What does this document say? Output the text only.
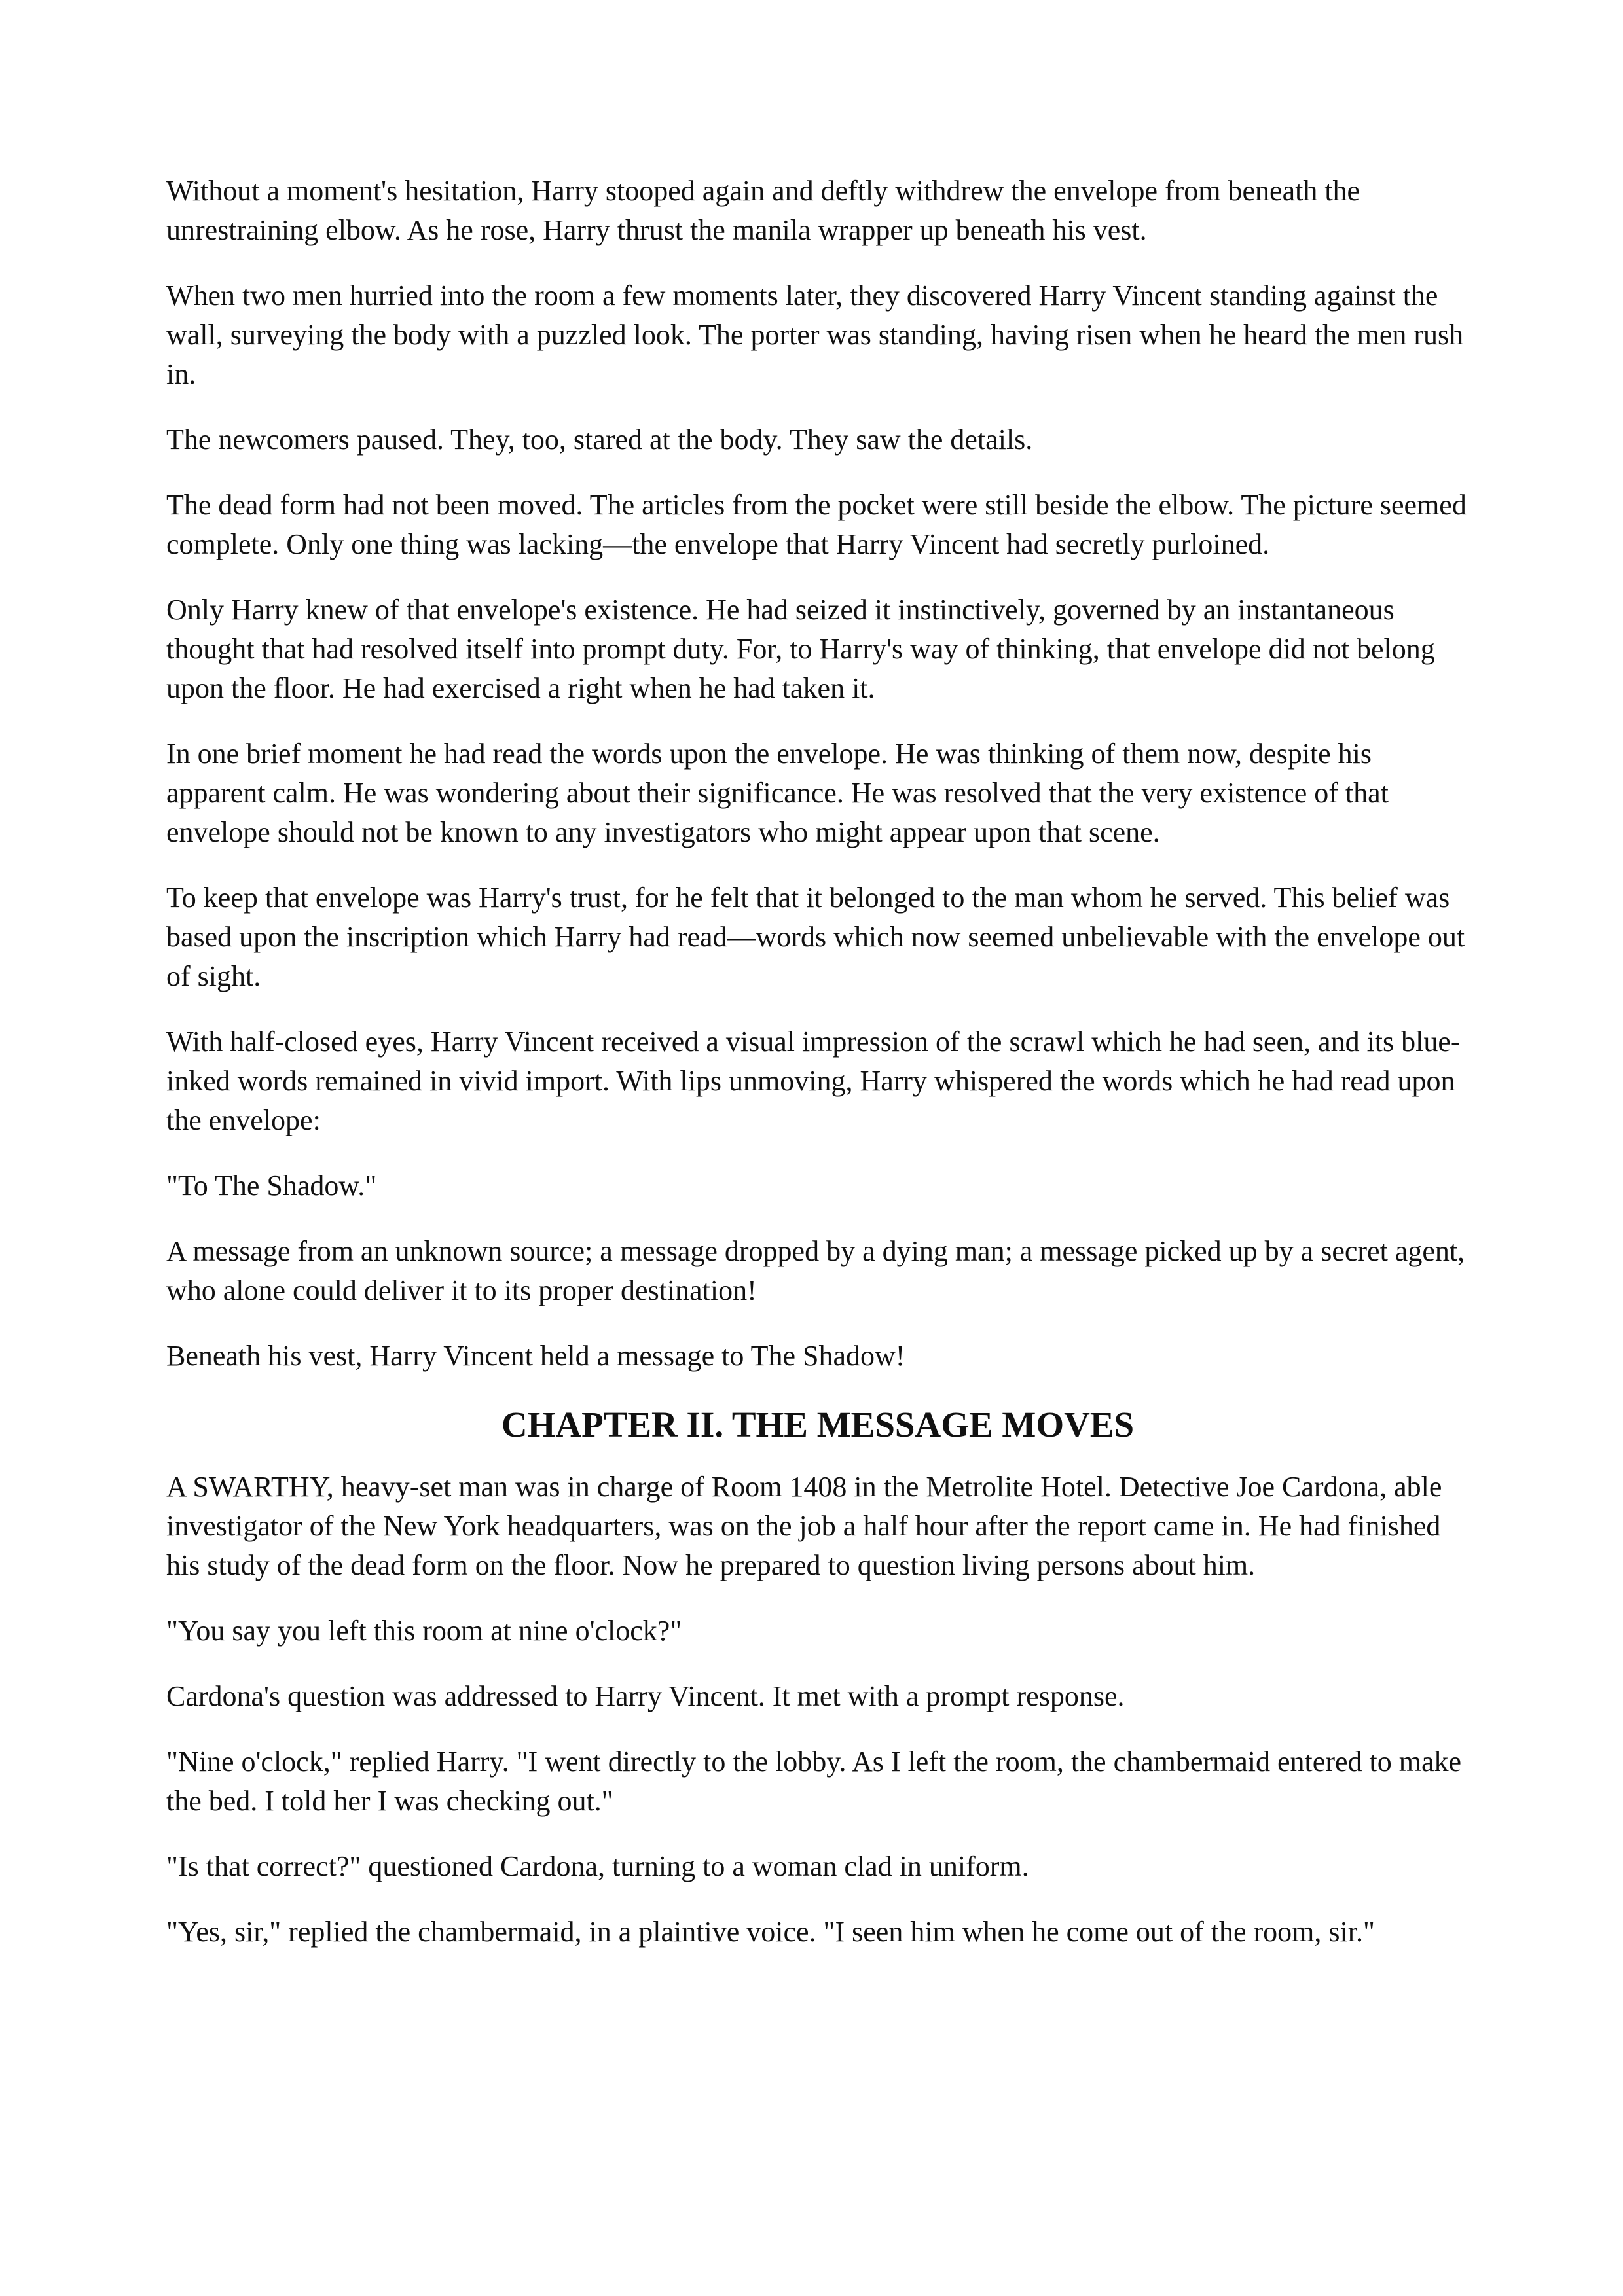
Without a moment's hesitation, Harry stooped again and deftly withdrew the envelope from beneath the unrestraining elbow. As he rose, Harry thrust the manila wrapper up beneath his vest.

When two men hurried into the room a few moments later, they discovered Harry Vincent standing against the wall, surveying the body with a puzzled look. The porter was standing, having risen when he heard the men rush in.

The newcomers paused. They, too, stared at the body. They saw the details.

The dead form had not been moved. The articles from the pocket were still beside the elbow. The picture seemed complete. Only one thing was lacking—the envelope that Harry Vincent had secretly purloined.

Only Harry knew of that envelope's existence. He had seized it instinctively, governed by an instantaneous thought that had resolved itself into prompt duty. For, to Harry's way of thinking, that envelope did not belong upon the floor. He had exercised a right when he had taken it.

In one brief moment he had read the words upon the envelope. He was thinking of them now, despite his apparent calm. He was wondering about their significance. He was resolved that the very existence of that envelope should not be known to any investigators who might appear upon that scene.

To keep that envelope was Harry's trust, for he felt that it belonged to the man whom he served. This belief was based upon the inscription which Harry had read—words which now seemed unbelievable with the envelope out of sight.

With half-closed eyes, Harry Vincent received a visual impression of the scrawl which he had seen, and its blue-inked words remained in vivid import. With lips unmoving, Harry whispered the words which he had read upon the envelope:

"To The Shadow."

A message from an unknown source; a message dropped by a dying man; a message picked up by a secret agent, who alone could deliver it to its proper destination!

Beneath his vest, Harry Vincent held a message to The Shadow!

CHAPTER II. THE MESSAGE MOVES

A SWARTHY, heavy-set man was in charge of Room 1408 in the Metrolite Hotel. Detective Joe Cardona, able investigator of the New York headquarters, was on the job a half hour after the report came in. He had finished his study of the dead form on the floor. Now he prepared to question living persons about him.

"You say you left this room at nine o'clock?"

Cardona's question was addressed to Harry Vincent. It met with a prompt response.

"Nine o'clock," replied Harry. "I went directly to the lobby. As I left the room, the chambermaid entered to make the bed. I told her I was checking out."

"Is that correct?" questioned Cardona, turning to a woman clad in uniform.

"Yes, sir," replied the chambermaid, in a plaintive voice. "I seen him when he come out of the room, sir."
